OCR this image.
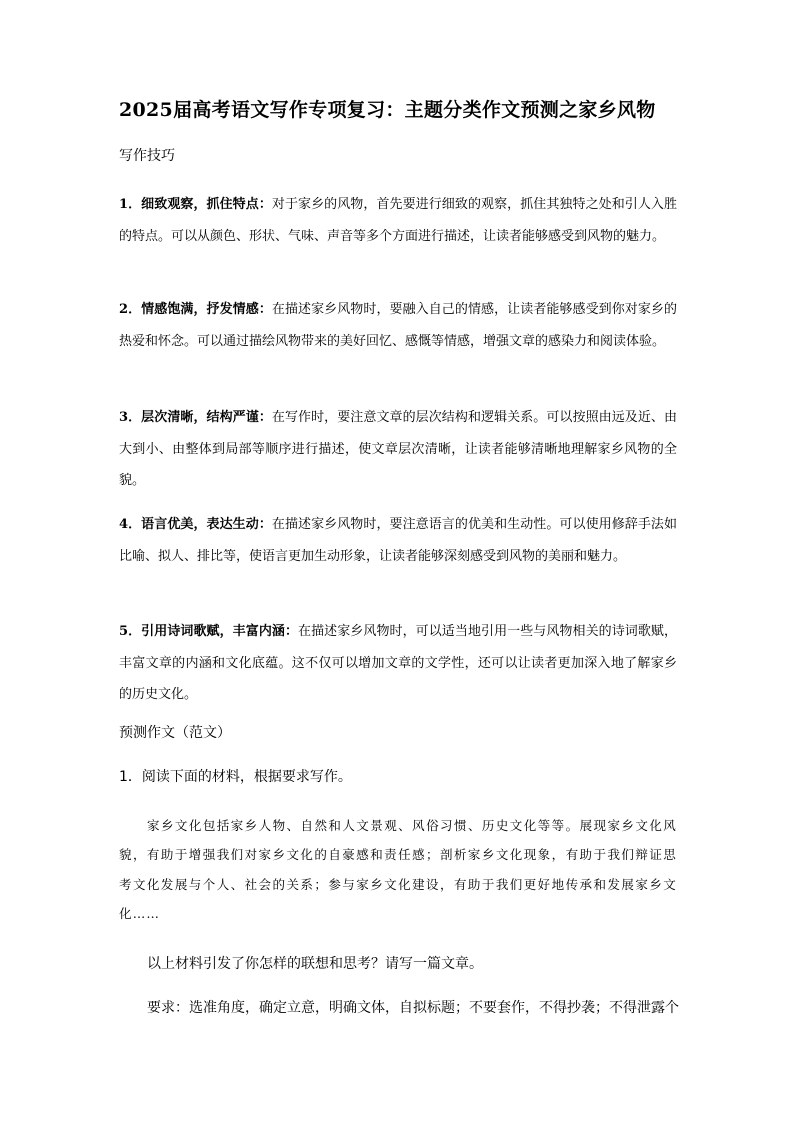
2025届高考语文写作专项复习：主题分类作文预测之家乡风物
写作技巧
1．细致观察，抓住特点：对于家乡的风物，首先要进行细致的观察，抓住其独特之处和引人入胜的特点。可以从颜色、形状、气味、声音等多个方面进行描述，让读者能够感受到风物的魅力。
2．情感饱满，抒发情感：在描述家乡风物时，要融入自己的情感，让读者能够感受到你对家乡的热爱和怀念。可以通过描绘风物带来的美好回忆、感慨等情感，增强文章的感染力和阅读体验。
3．层次清晰，结构严谨：在写作时，要注意文章的层次结构和逻辑关系。可以按照由远及近、由大到小、由整体到局部等顺序进行描述，使文章层次清晰，让读者能够清晰地理解家乡风物的全貌。
4．语言优美，表达生动：在描述家乡风物时，要注意语言的优美和生动性。可以使用修辞手法如比喻、拟人、排比等，使语言更加生动形象，让读者能够深刻感受到风物的美丽和魅力。
5．引用诗词歌赋，丰富内涵：在描述家乡风物时，可以适当地引用一些与风物相关的诗词歌赋，丰富文章的内涵和文化底蕴。这不仅可以增加文章的文学性，还可以让读者更加深入地了解家乡的历史文化。
预测作文（范文）
1．阅读下面的材料，根据要求写作。
家乡文化包括家乡人物、自然和人文景观、风俗习惯、历史文化等等。展现家乡文化风貌，有助于增强我们对家乡文化的自豪感和责任感；剖析家乡文化现象，有助于我们辩证思考文化发展与个人、社会的关系；参与家乡文化建设，有助于我们更好地传承和发展家乡文化……
以上材料引发了你怎样的联想和思考？请写一篇文章。
要求：选准角度，确定立意，明确文体，自拟标题；不要套作，不得抄袭；不得泄露个
